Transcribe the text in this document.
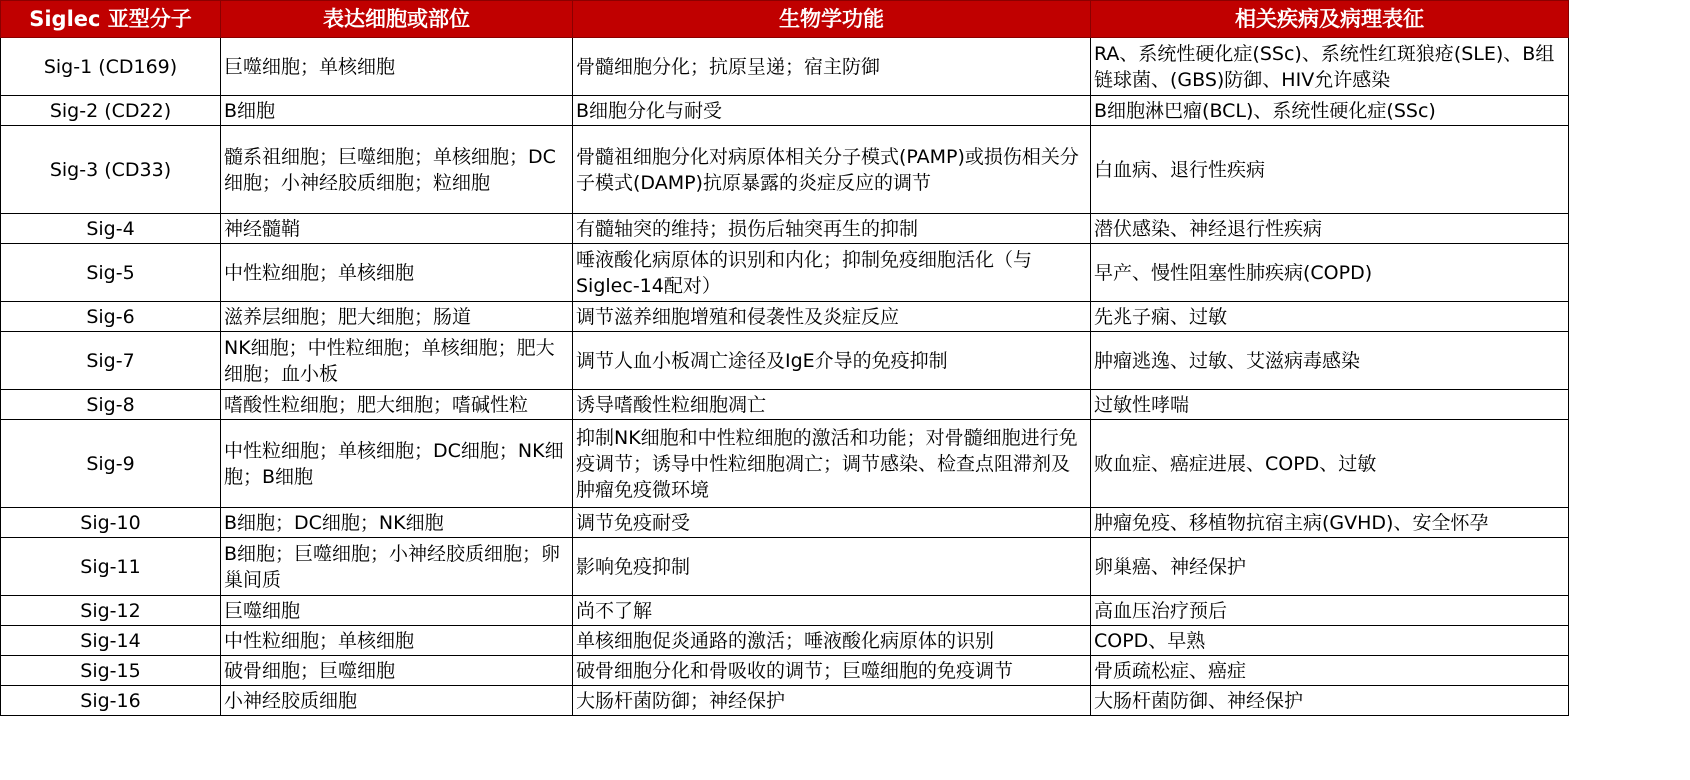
Siglec 亚型分子	表达细胞或部位	生物学功能	相关疾病及病理表征
Sig-1 (CD169)	巨噬细胞；单核细胞	骨髓细胞分化；抗原呈递；宿主防御	RA、系统性硬化症(SSc)、系统性红斑狼疮(SLE)、B组链球菌、(GBS)防御、HIV允许感染
Sig-2 (CD22)	B细胞	B细胞分化与耐受	B细胞淋巴瘤(BCL)、系统性硬化症(SSc)
Sig-3 (CD33)	髓系祖细胞；巨噬细胞；单核细胞；DC细胞；小神经胶质细胞；粒细胞	骨髓祖细胞分化对病原体相关分子模式(PAMP)或损伤相关分子模式(DAMP)抗原暴露的炎症反应的调节	白血病、退行性疾病
Sig-4	神经髓鞘	有髓轴突的维持；损伤后轴突再生的抑制	潜伏感染、神经退行性疾病
Sig-5	中性粒细胞；单核细胞	唾液酸化病原体的识别和内化；抑制免疫细胞活化（与Siglec-14配对）	早产、慢性阻塞性肺疾病(COPD)
Sig-6	滋养层细胞；肥大细胞；肠道	调节滋养细胞增殖和侵袭性及炎症反应	先兆子痫、过敏
Sig-7	NK细胞；中性粒细胞；单核细胞；肥大细胞；血小板	调节人血小板凋亡途径及IgE介导的免疫抑制	肿瘤逃逸、过敏、艾滋病毒感染
Sig-8	嗜酸性粒细胞；肥大细胞；嗜碱性粒	诱导嗜酸性粒细胞凋亡	过敏性哮喘
Sig-9	中性粒细胞；单核细胞；DC细胞；NK细胞；B细胞	抑制NK细胞和中性粒细胞的激活和功能；对骨髓细胞进行免疫调节；诱导中性粒细胞凋亡；调节感染、检查点阻滞剂及肿瘤免疫微环境	败血症、癌症进展、COPD、过敏
Sig-10	B细胞；DC细胞；NK细胞	调节免疫耐受	肿瘤免疫、移植物抗宿主病(GVHD)、安全怀孕
Sig-11	B细胞；巨噬细胞；小神经胶质细胞；卵巢间质	影响免疫抑制	卵巢癌、神经保护
Sig-12	巨噬细胞	尚不了解	高血压治疗预后
Sig-14	中性粒细胞；单核细胞	单核细胞促炎通路的激活；唾液酸化病原体的识别	COPD、早熟
Sig-15	破骨细胞；巨噬细胞	破骨细胞分化和骨吸收的调节；巨噬细胞的免疫调节	骨质疏松症、癌症
Sig-16	小神经胶质细胞	大肠杆菌防御；神经保护	大肠杆菌防御、神经保护
